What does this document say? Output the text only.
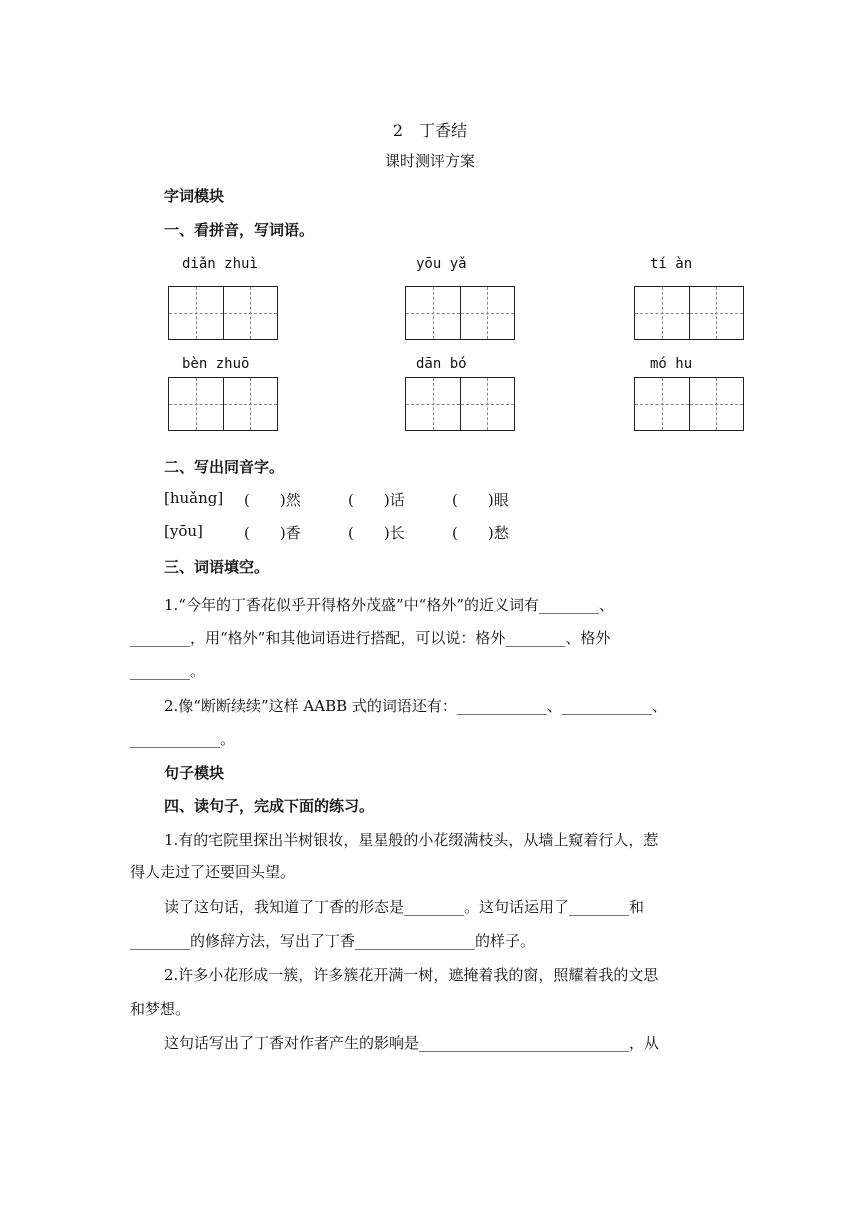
2　丁香结
课时测评方案
字词模块
一、看拼音，写词语。
diǎn zhuì	yōu yǎ	tí àn
bèn zhuō	dān bó	mó hu
二、写出同音字。
[huǎng] (　　)然	(　　)话	(　　)眼
[yōu]	(　　)香	(　　)长	(　　)愁
三、词语填空。
1.“今年的丁香花似乎开得格外茂盛”中“格外”的近义词有________、
________，用“格外”和其他词语进行搭配，可以说：格外________、格外
________。
2.像“断断续续”这样 AABB 式的词语还有：____________、____________、
____________。
句子模块
四、读句子，完成下面的练习。
1.有的宅院里探出半树银妆，星星般的小花缀满枝头，从墙上窥着行人，惹
得人走过了还要回头望。
读了这句话，我知道了丁香的形态是________。这句话运用了________和
________的修辞方法，写出了丁香________________的样子。
2.许多小花形成一簇，许多簇花开满一树，遮掩着我的窗，照耀着我的文思
和梦想。
这句话写出了丁香对作者产生的影响是____________________________，从
